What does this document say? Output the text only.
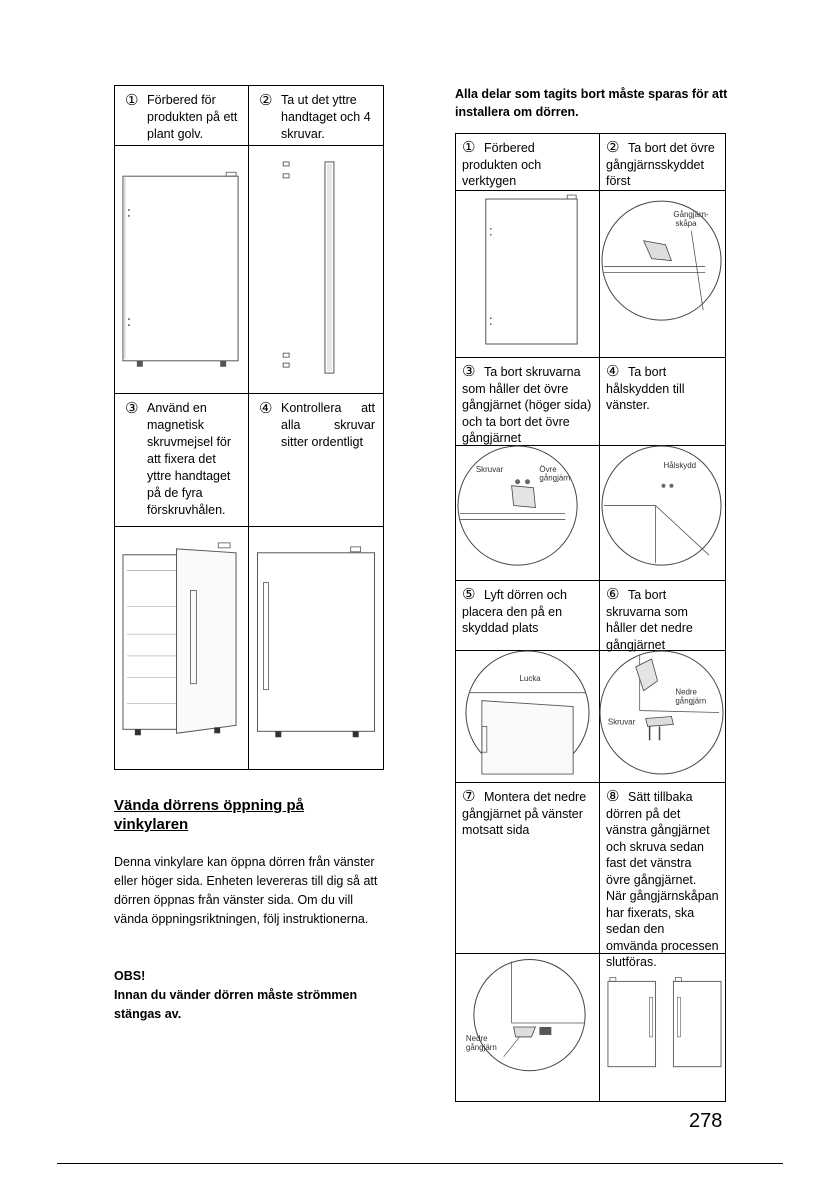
① Förbered för produkten på ett plant golv.
② Ta ut det yttre handtaget och 4 skruvar.
③ Använd en magnetisk skruvmejsel för att fixera det yttre handtaget på de fyra förskruvhålen.
④ Kontrollera att alla skruvar sitter ordentligt
Vända dörrens öppning på
vinkylaren
Denna vinkylare kan öppna dörren från vänster eller höger sida. Enheten levereras till dig så att dörren öppnas från vänster sida. Om du vill vända öppningsriktningen, följ instruktionerna.
OBS!
Innan du vänder dörren måste strömmen stängas av.
Alla delar som tagits bort måste sparas för att installera om dörren.
① Förbered produkten och verktygen
② Ta bort det övre gångjärnsskyddet först
Gångjärn-
skåpa
③ Ta bort skruvarna som håller det övre gångjärnet (höger sida) och ta bort det övre gångjärnet
④ Ta bort hålskydden till vänster.
Skruvar	Övre
gångjärn
Hålskydd
⑤ Lyft dörren och placera den på en skyddad plats
⑥ Ta bort skruvarna som håller det nedre gångjärnet
Lucka
Nedre
gångjärn
Skruvar
⑦ Montera det nedre gångjärnet på vänster motsatt sida
⑧ Sätt tillbaka dörren på det vänstra gångjärnet och skruva sedan fast det vänstra övre gångjärnet. När gångjärnskåpan har fixerats, ska sedan den omvända processen slutföras.
Nedre
gångjärn
278
